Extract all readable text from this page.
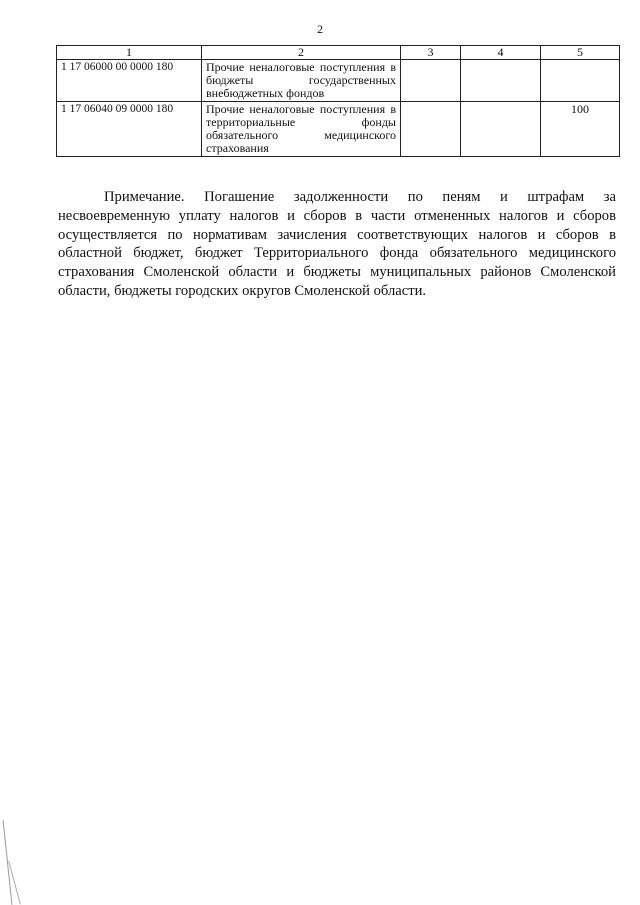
2
1	2	3	4	5
1 17 06000 00 0000 180	Прочие неналоговые поступления в бюджеты государственных внебюджетных фондов			
1 17 06040 09 0000 180	Прочие неналоговые поступления в территориальные фонды обязательного медицинского страхования			100

Примечание. Погашение задолженности по пеням и штрафам за несвоевременную уплату налогов и сборов в части отмененных налогов и сборов осуществляется по нормативам зачисления соответствующих налогов и сборов в областной бюджет, бюджет Территориального фонда обязательного медицинского страхования Смоленской области и бюджеты муниципальных районов Смоленской области, бюджеты городских округов Смоленской области.
